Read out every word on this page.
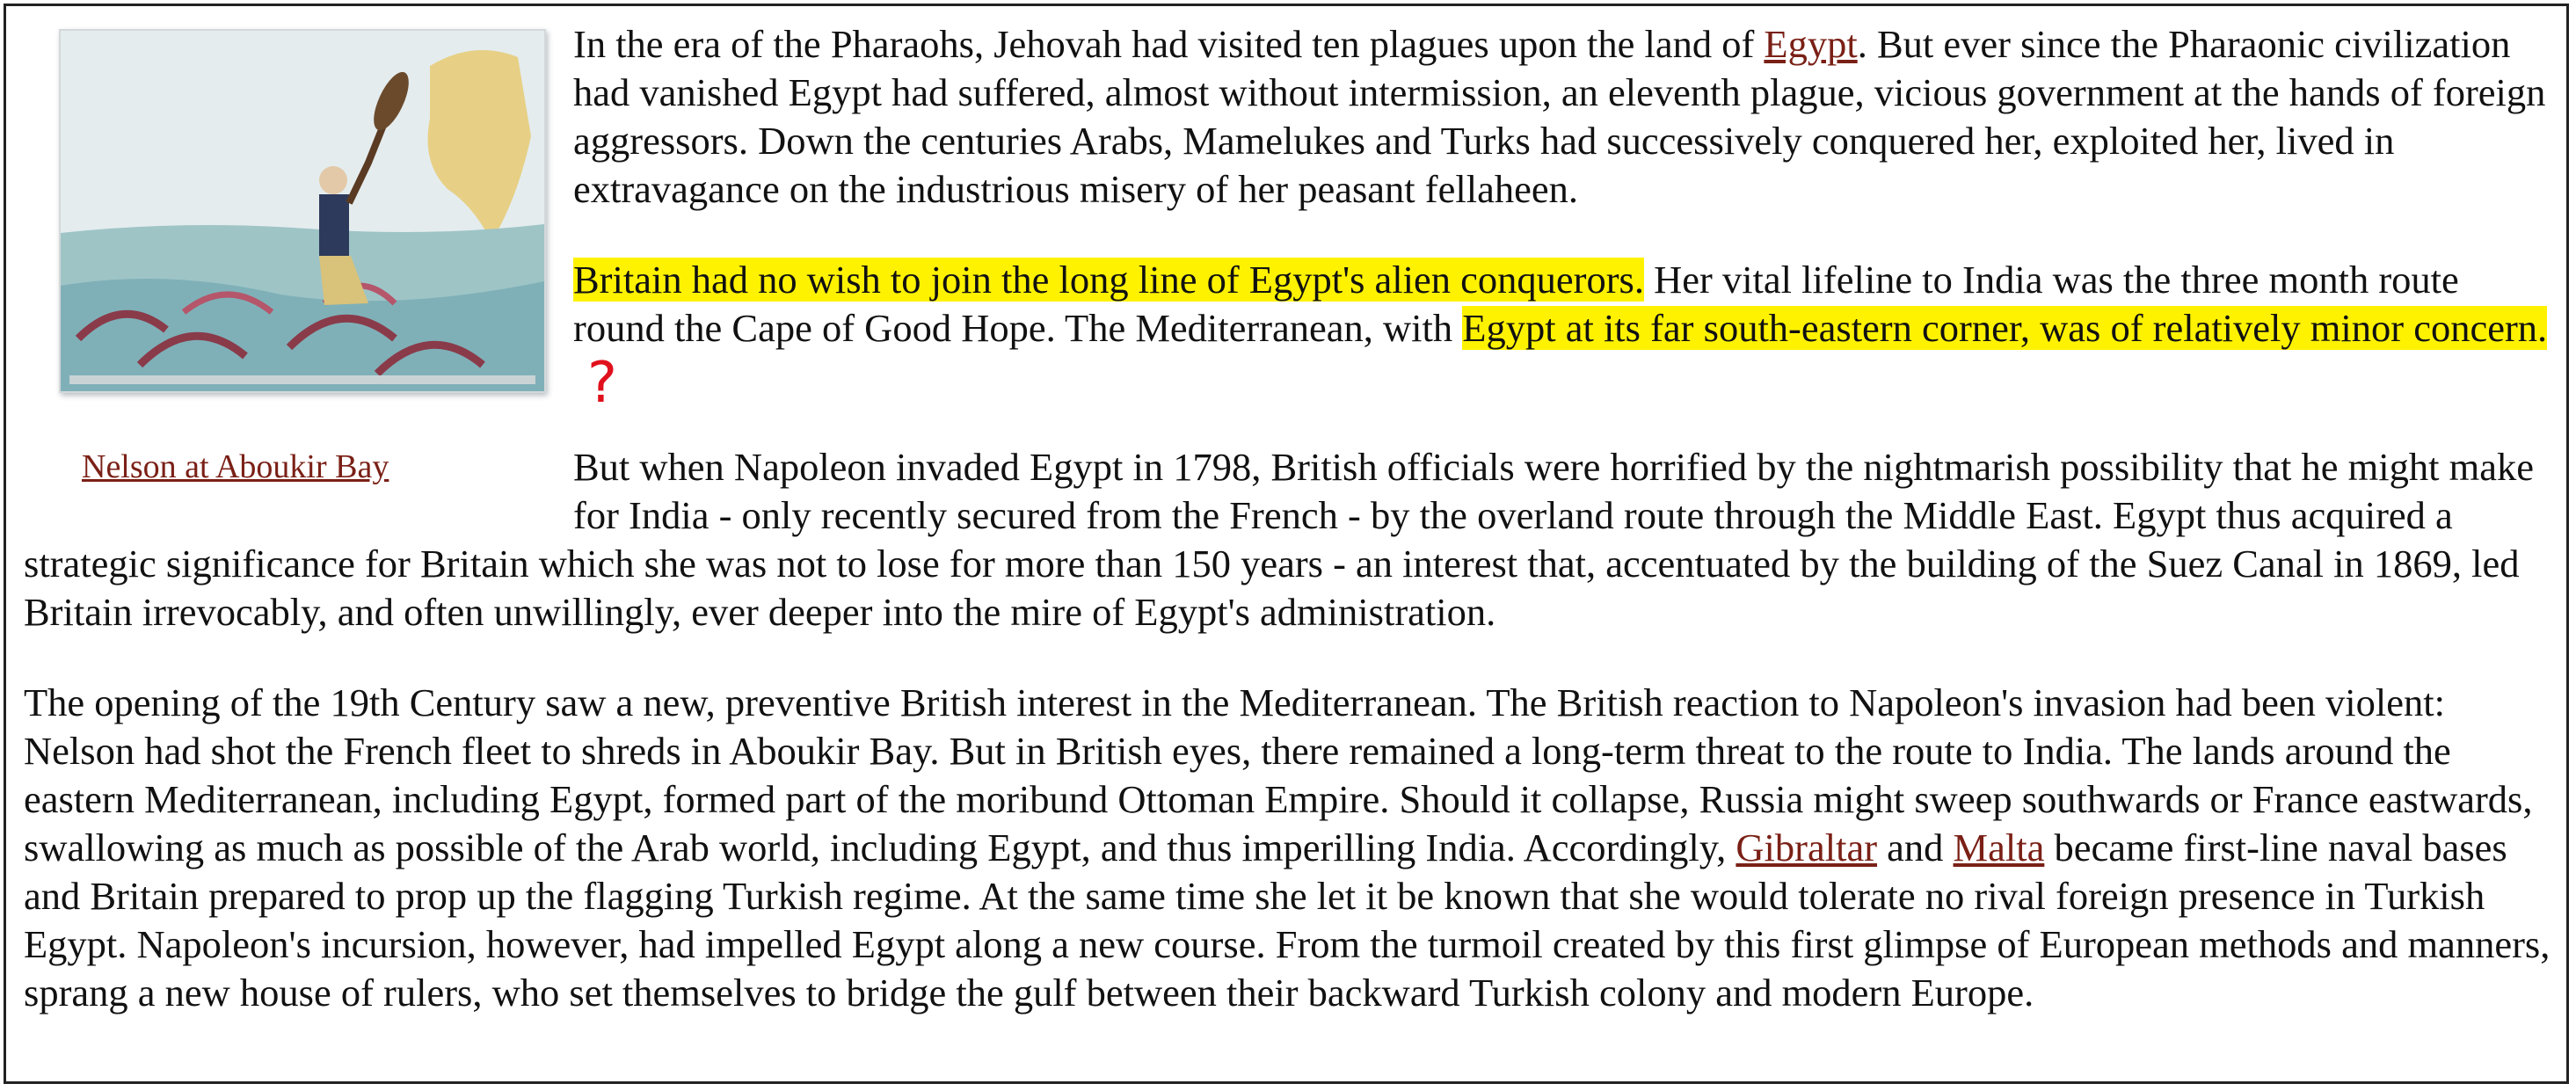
Nelson at Aboukir Bay

In the era of the Pharaohs, Jehovah had visited ten plagues upon the land of Egypt. But ever since the Pharaonic civilization had vanished Egypt had suffered, almost without intermission, an eleventh plague, vicious government at the hands of foreign aggressors. Down the centuries Arabs, Mamelukes and Turks had successively conquered her, exploited her, lived in extravagance on the industrious misery of her peasant fellaheen.

Britain had no wish to join the long line of Egypt's alien conquerors. Her vital lifeline to India was the three month route round the Cape of Good Hope. The Mediterranean, with Egypt at its far south-eastern corner, was of relatively minor concern.?

But when Napoleon invaded Egypt in 1798, British officials were horrified by the nightmarish possibility that he might make for India - only recently secured from the French - by the overland route through the Middle East. Egypt thus acquired a strategic significance for Britain which she was not to lose for more than 150 years - an interest that, accentuated by the building of the Suez Canal in 1869, led Britain irrevocably, and often unwillingly, ever deeper into the mire of Egypt's administration.

The opening of the 19th Century saw a new, preventive British interest in the Mediterranean. The British reaction to Napoleon's invasion had been violent: Nelson had shot the French fleet to shreds in Aboukir Bay. But in British eyes, there remained a long-term threat to the route to India. The lands around the eastern Mediterranean, including Egypt, formed part of the moribund Ottoman Empire. Should it collapse, Russia might sweep southwards or France eastwards, swallowing as much as possible of the Arab world, including Egypt, and thus imperilling India. Accordingly, Gibraltar and Malta became first-line naval bases and Britain prepared to prop up the flagging Turkish regime. At the same time she let it be known that she would tolerate no rival foreign presence in Turkish Egypt. Napoleon's incursion, however, had impelled Egypt along a new course. From the turmoil created by this first glimpse of European methods and manners, sprang a new house of rulers, who set themselves to bridge the gulf between their backward Turkish colony and modern Europe.
